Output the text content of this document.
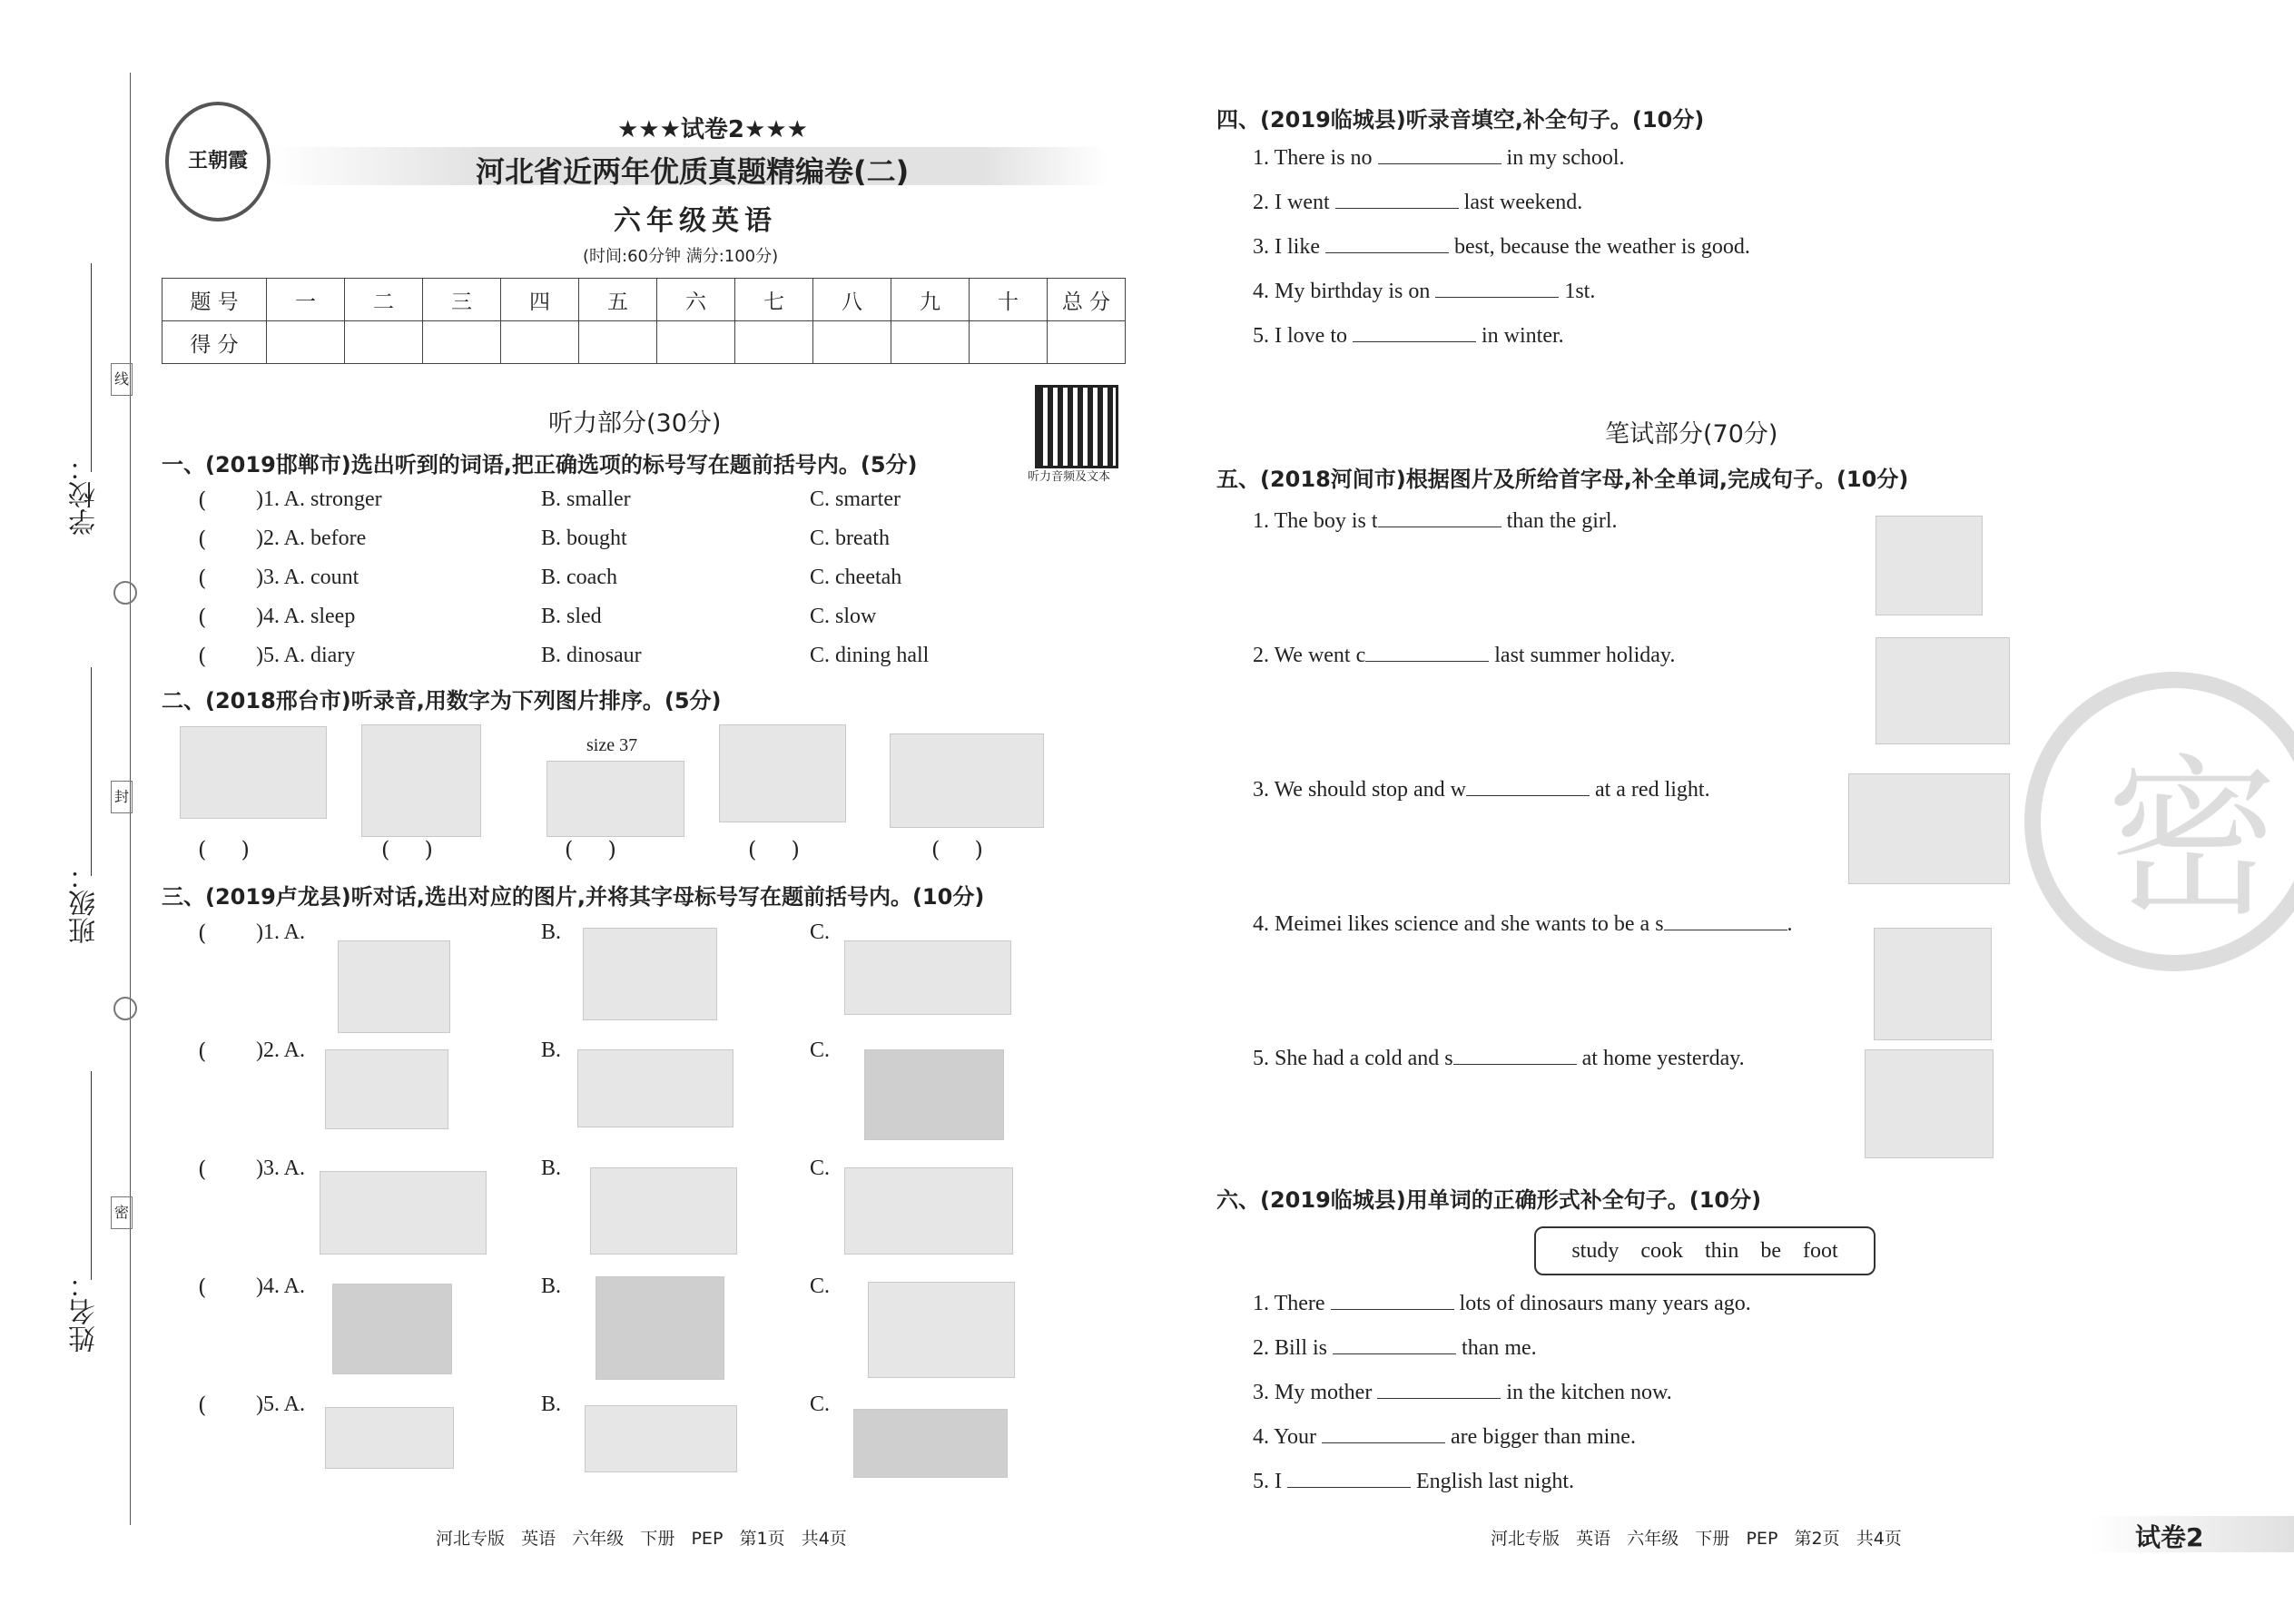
学校：
班级：
姓名：
线
封
密
王朝霞
★★★试卷2★★★
河北省近两年优质真题精编卷(二)
六年级英语
(时间:60分钟 满分:100分)
题 号	一	二	三	四	五	六	七	八	九	十	总 分
得 分											
听力部分(30分)
听力音频及文本
一、(2019邯郸市)选出听到的词语,把正确选项的标号写在题前括号内。(5分)
( )1. A. stronger	B. smaller	C. smarter
( )2. A. before	B. bought	C. breath
( )3. A. count	B. coach	C. cheetah
( )4. A. sleep	B. sled	C. slow
( )5. A. diary	B. dinosaur	C. dining hall
二、(2018邢台市)听录音,用数字为下列图片排序。(5分)
size 37
(     )	(     )	(     )	(     )	(     )
三、(2019卢龙县)听对话,选出对应的图片,并将其字母标号写在题前括号内。(10分)
( )1. A.	B.	C.
( )2. A.	B.	C.
( )3. A.	B.	C.
( )4. A.	B.	C.
( )5. A.	B.	C.
河北专版   英语   六年级   下册   PEP   第1页   共4页
四、(2019临城县)听录音填空,补全句子。(10分)
1. There is no	in my school.
2. I went	last weekend.
3. I like	best, because the weather is good.
4. My birthday is on	1st.
5. I love to	in winter.
笔试部分(70分)
五、(2018河间市)根据图片及所给首字母,补全单词,完成句子。(10分)
1. The boy is t	than the girl.
2. We went c	last summer holiday.
3. We should stop and w	at a red light.
4. Meimei likes science and she wants to be a s	.
5. She had a cold and s	at home yesterday.
六、(2019临城县)用单词的正确形式补全句子。(10分)
study cook thin be foot
1. There	lots of dinosaurs many years ago.
2. Bill is	than me.
3. My mother	in the kitchen now.
4. Your	are bigger than mine.
5. I	English last night.
密
河北专版   英语   六年级   下册   PEP   第2页   共4页	试卷2
